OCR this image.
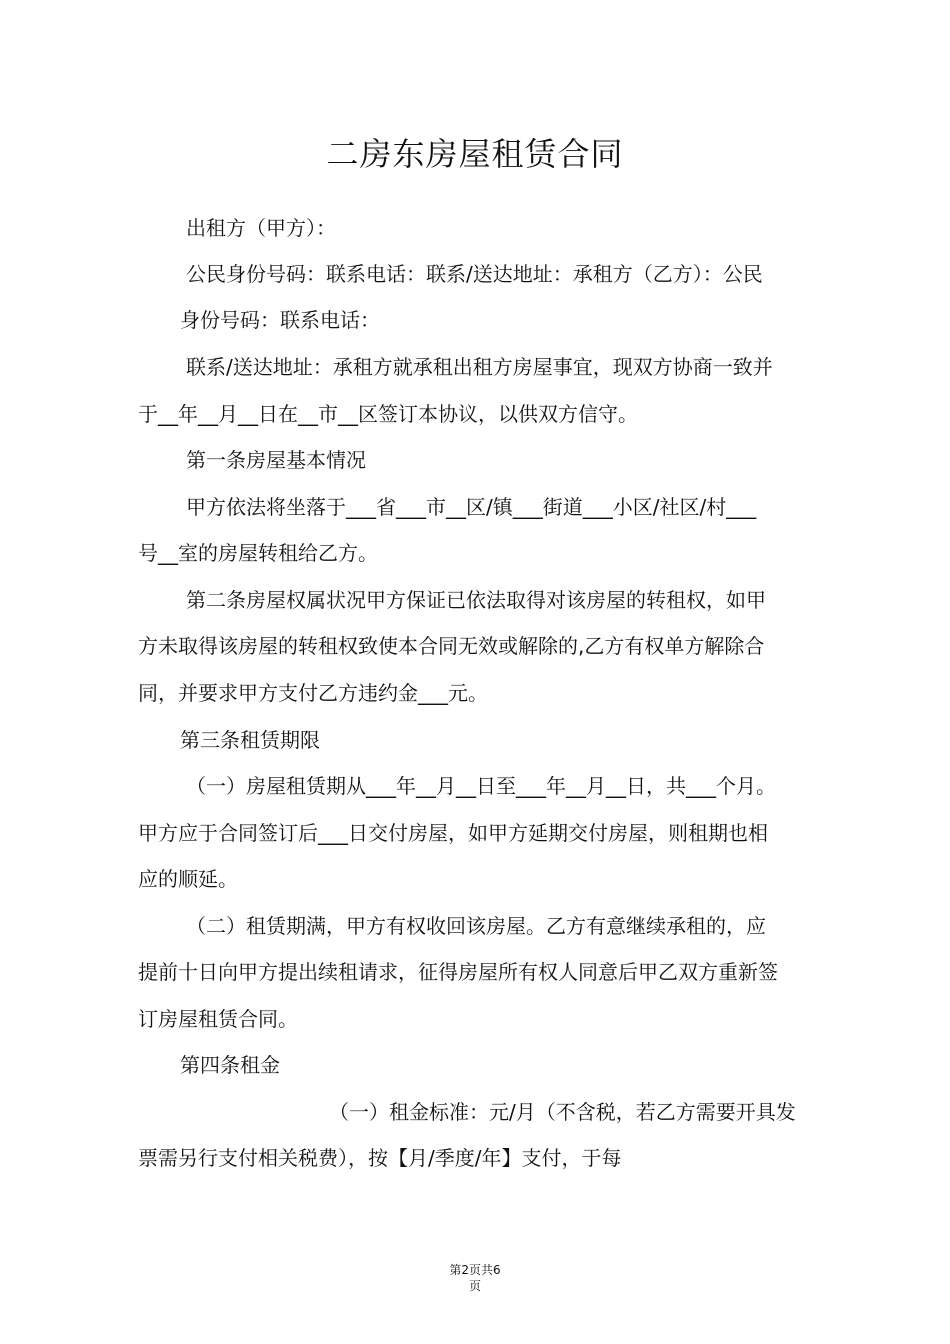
二房东房屋租赁合同
出租方（甲方）：
公民身份号码：联系电话：联系/送达地址：承租方（乙方）：公民
身份号码：联系电话：
联系/送达地址：承租方就承租出租方房屋事宜，现双方协商一致并
于__年__月__日在__市__区签订本协议，以供双方信守。
第一条房屋基本情况
甲方依法将坐落于___省___市__区/镇___街道___小区/社区/村___
号__室的房屋转租给乙方。
第二条房屋权属状况甲方保证已依法取得对该房屋的转租权，如甲
方未取得该房屋的转租权致使本合同无效或解除的,乙方有权单方解除合
同，并要求甲方支付乙方违约金___元。
第三条租赁期限
（一）房屋租赁期从___年__月__日至___年__月__日，共___个月。
甲方应于合同签订后___日交付房屋，如甲方延期交付房屋，则租期也相
应的顺延。
（二）租赁期满，甲方有权收回该房屋。乙方有意继续承租的，应
提前十日向甲方提出续租请求，征得房屋所有权人同意后甲乙双方重新签
订房屋租赁合同。
第四条租金
（一）租金标准：元/月（不含税，若乙方需要开具发
票需另行支付相关税费），按【月/季度/年】支付，于每
第2页共6
页
